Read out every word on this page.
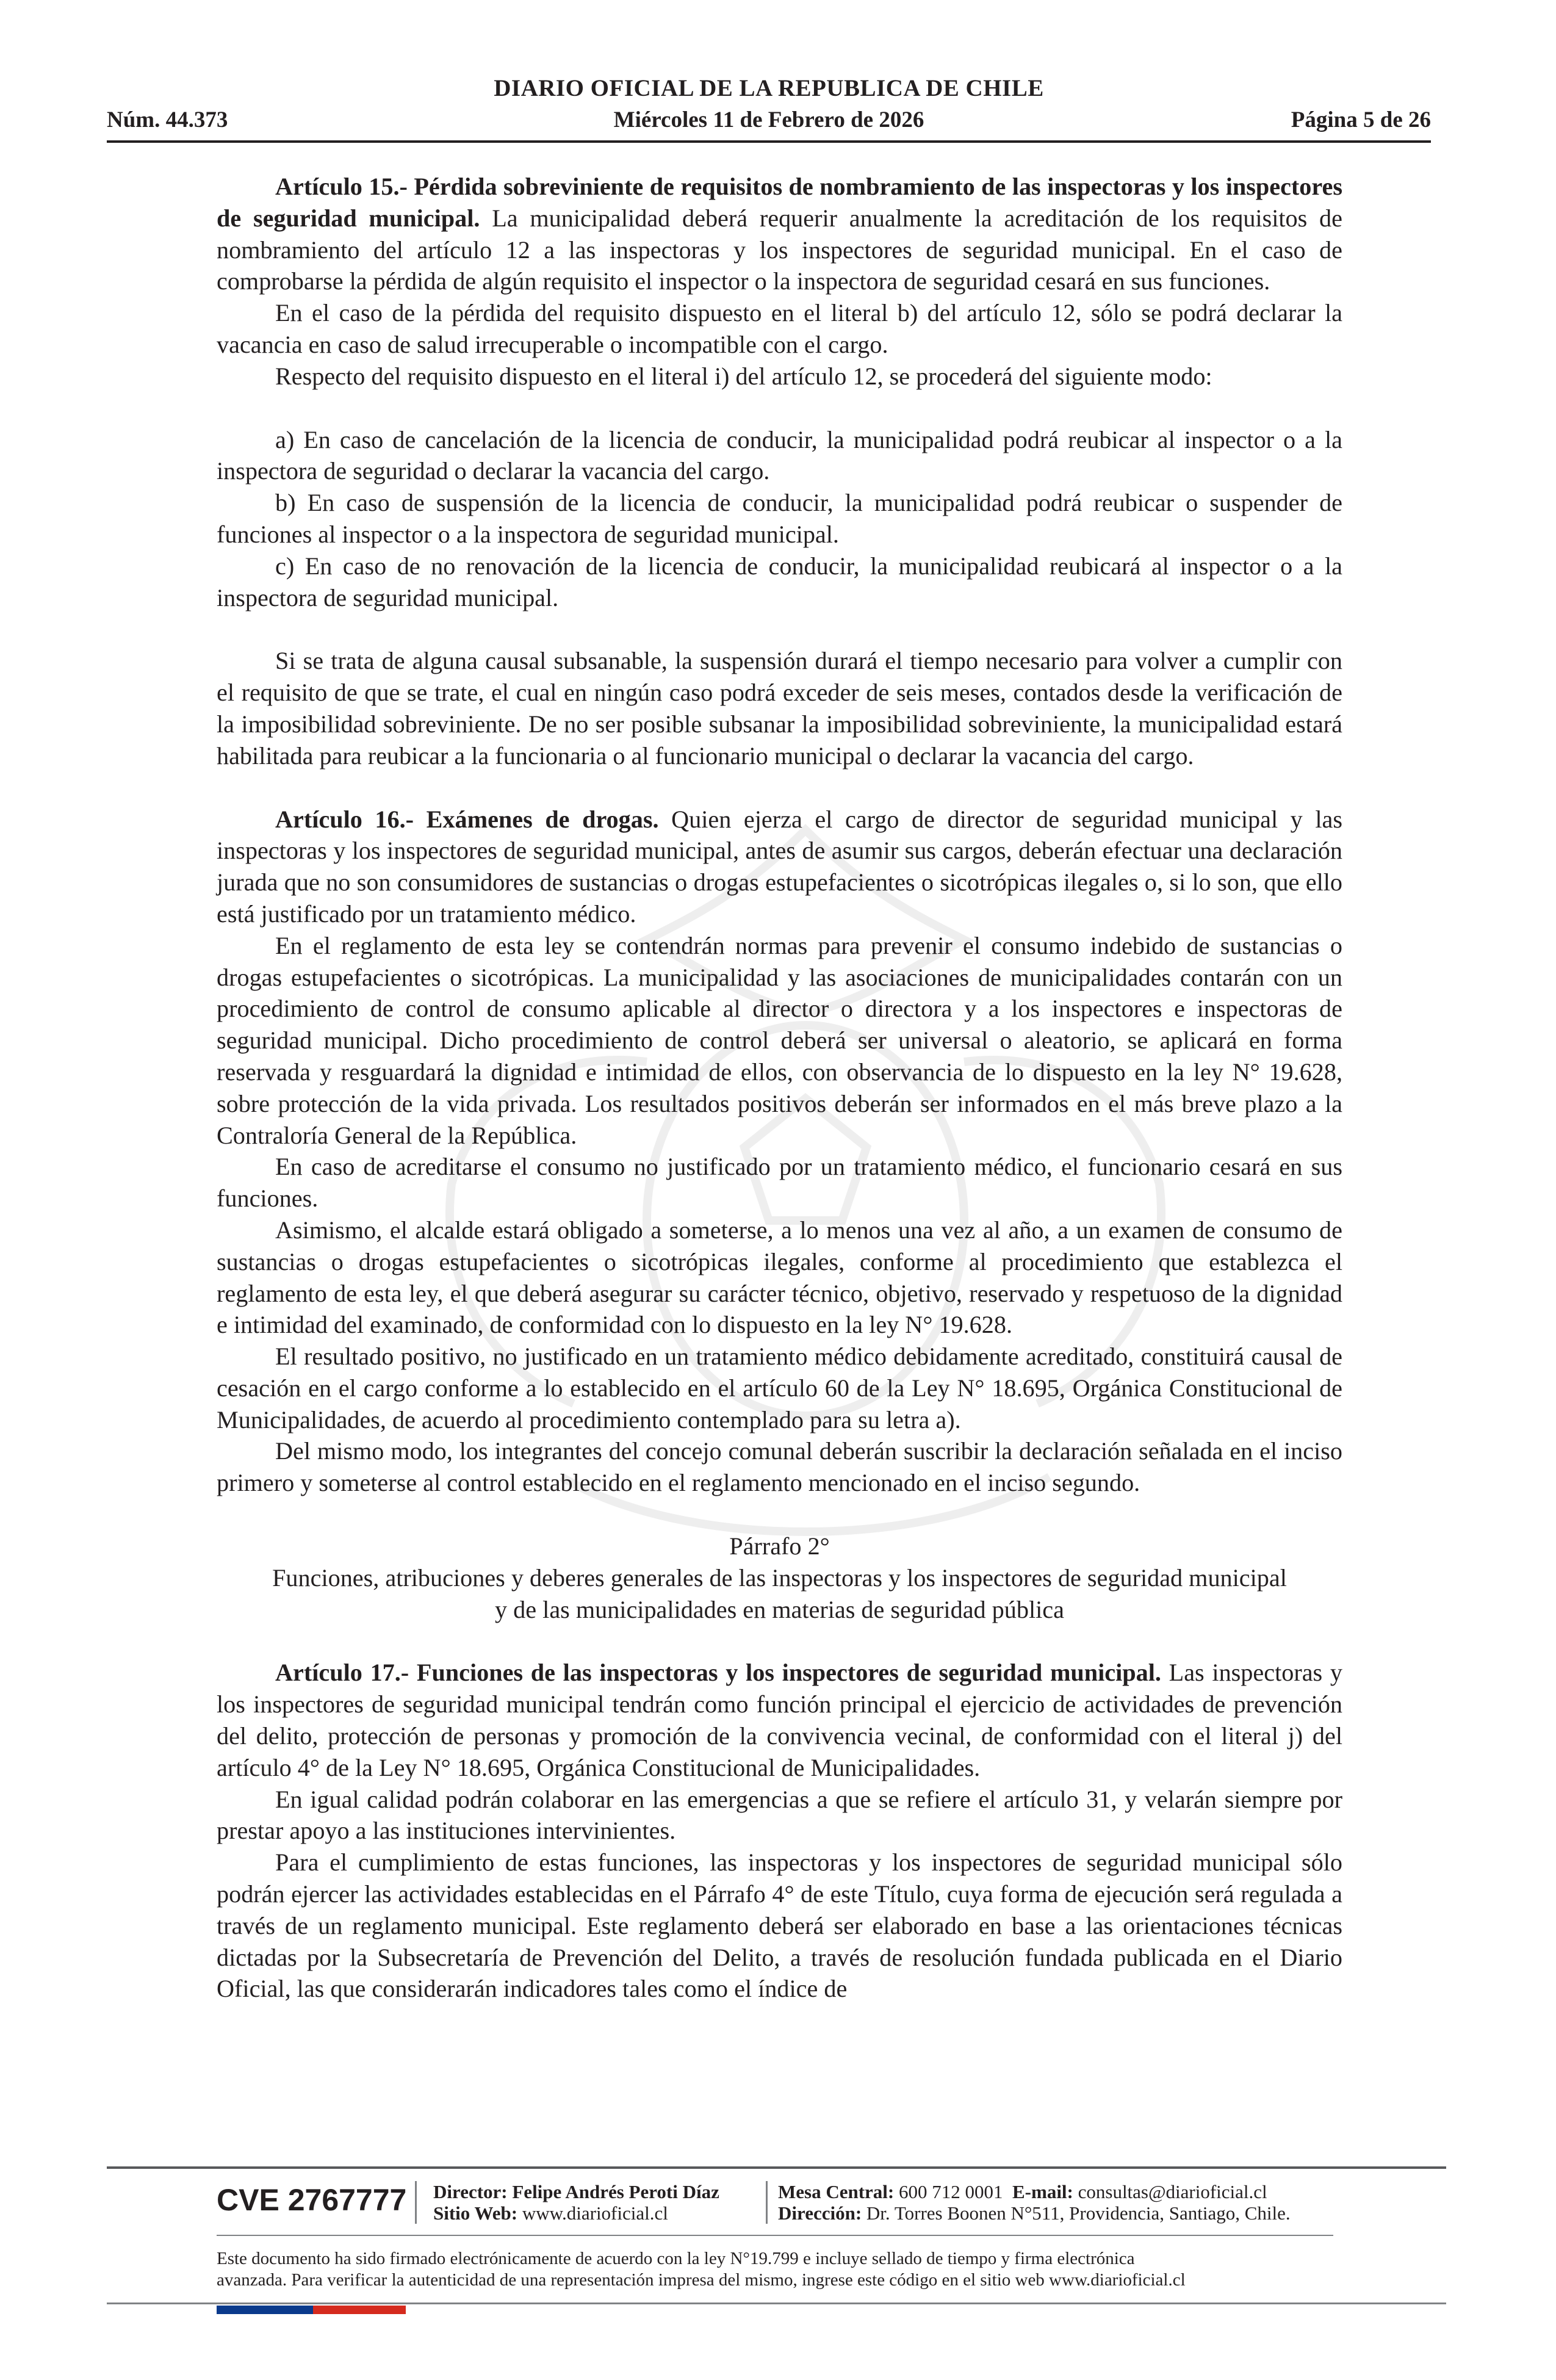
DIARIO OFICIAL DE LA REPUBLICA DE CHILE
Núm. 44.373	Miércoles 11 de Febrero de 2026	Página 5 de 26

Artículo 15.- Pérdida sobreviniente de requisitos de nombramiento de las inspectoras y los inspectores de seguridad municipal. La municipalidad deberá requerir anualmente la acreditación de los requisitos de nombramiento del artículo 12 a las inspectoras y los inspectores de seguridad municipal. En el caso de comprobarse la pérdida de algún requisito el inspector o la inspectora de seguridad cesará en sus funciones.

En el caso de la pérdida del requisito dispuesto en el literal b) del artículo 12, sólo se podrá declarar la vacancia en caso de salud irrecuperable o incompatible con el cargo.

Respecto del requisito dispuesto en el literal i) del artículo 12, se procederá del siguiente modo:

a) En caso de cancelación de la licencia de conducir, la municipalidad podrá reubicar al inspector o a la inspectora de seguridad o declarar la vacancia del cargo.

b) En caso de suspensión de la licencia de conducir, la municipalidad podrá reubicar o suspender de funciones al inspector o a la inspectora de seguridad municipal.

c) En caso de no renovación de la licencia de conducir, la municipalidad reubicará al inspector o a la inspectora de seguridad municipal.

Si se trata de alguna causal subsanable, la suspensión durará el tiempo necesario para volver a cumplir con el requisito de que se trate, el cual en ningún caso podrá exceder de seis meses, contados desde la verificación de la imposibilidad sobreviniente. De no ser posible subsanar la imposibilidad sobreviniente, la municipalidad estará habilitada para reubicar a la funcionaria o al funcionario municipal o declarar la vacancia del cargo.

Artículo 16.- Exámenes de drogas. Quien ejerza el cargo de director de seguridad municipal y las inspectoras y los inspectores de seguridad municipal, antes de asumir sus cargos, deberán efectuar una declaración jurada que no son consumidores de sustancias o drogas estupefacientes o sicotrópicas ilegales o, si lo son, que ello está justificado por un tratamiento médico.

En el reglamento de esta ley se contendrán normas para prevenir el consumo indebido de sustancias o drogas estupefacientes o sicotrópicas. La municipalidad y las asociaciones de municipalidades contarán con un procedimiento de control de consumo aplicable al director o directora y a los inspectores e inspectoras de seguridad municipal. Dicho procedimiento de control deberá ser universal o aleatorio, se aplicará en forma reservada y resguardará la dignidad e intimidad de ellos, con observancia de lo dispuesto en la ley N° 19.628, sobre protección de la vida privada. Los resultados positivos deberán ser informados en el más breve plazo a la Contraloría General de la República.

En caso de acreditarse el consumo no justificado por un tratamiento médico, el funcionario cesará en sus funciones.

Asimismo, el alcalde estará obligado a someterse, a lo menos una vez al año, a un examen de consumo de sustancias o drogas estupefacientes o sicotrópicas ilegales, conforme al procedimiento que establezca el reglamento de esta ley, el que deberá asegurar su carácter técnico, objetivo, reservado y respetuoso de la dignidad e intimidad del examinado, de conformidad con lo dispuesto en la ley N° 19.628.

El resultado positivo, no justificado en un tratamiento médico debidamente acreditado, constituirá causal de cesación en el cargo conforme a lo establecido en el artículo 60 de la Ley N° 18.695, Orgánica Constitucional de Municipalidades, de acuerdo al procedimiento contemplado para su letra a).

Del mismo modo, los integrantes del concejo comunal deberán suscribir la declaración señalada en el inciso primero y someterse al control establecido en el reglamento mencionado en el inciso segundo.

Párrafo 2°

Funciones, atribuciones y deberes generales de las inspectoras y los inspectores de seguridad municipal

y de las municipalidades en materias de seguridad pública

Artículo 17.- Funciones de las inspectoras y los inspectores de seguridad municipal. Las inspectoras y los inspectores de seguridad municipal tendrán como función principal el ejercicio de actividades de prevención del delito, protección de personas y promoción de la convivencia vecinal, de conformidad con el literal j) del artículo 4° de la Ley N° 18.695, Orgánica Constitucional de Municipalidades.

En igual calidad podrán colaborar en las emergencias a que se refiere el artículo 31, y velarán siempre por prestar apoyo a las instituciones intervinientes.

Para el cumplimiento de estas funciones, las inspectoras y los inspectores de seguridad municipal sólo podrán ejercer las actividades establecidas en el Párrafo 4° de este Título, cuya forma de ejecución será regulada a través de un reglamento municipal. Este reglamento deberá ser elaborado en base a las orientaciones técnicas dictadas por la Subsecretaría de Prevención del Delito, a través de resolución fundada publicada en el Diario Oficial, las que considerarán indicadores tales como el índice de

CVE 2767777 Director: Felipe Andrés Peroti Díaz
Sitio Web: www.diarioficial.cl
Mesa Central: 600 712 0001 E-mail: consultas@diarioficial.cl
Dirección: Dr. Torres Boonen N°511, Providencia, Santiago, Chile.
Este documento ha sido firmado electrónicamente de acuerdo con la ley N°19.799 e incluye sellado de tiempo y firma electrónica
avanzada. Para verificar la autenticidad de una representación impresa del mismo, ingrese este código en el sitio web www.diarioficial.cl
